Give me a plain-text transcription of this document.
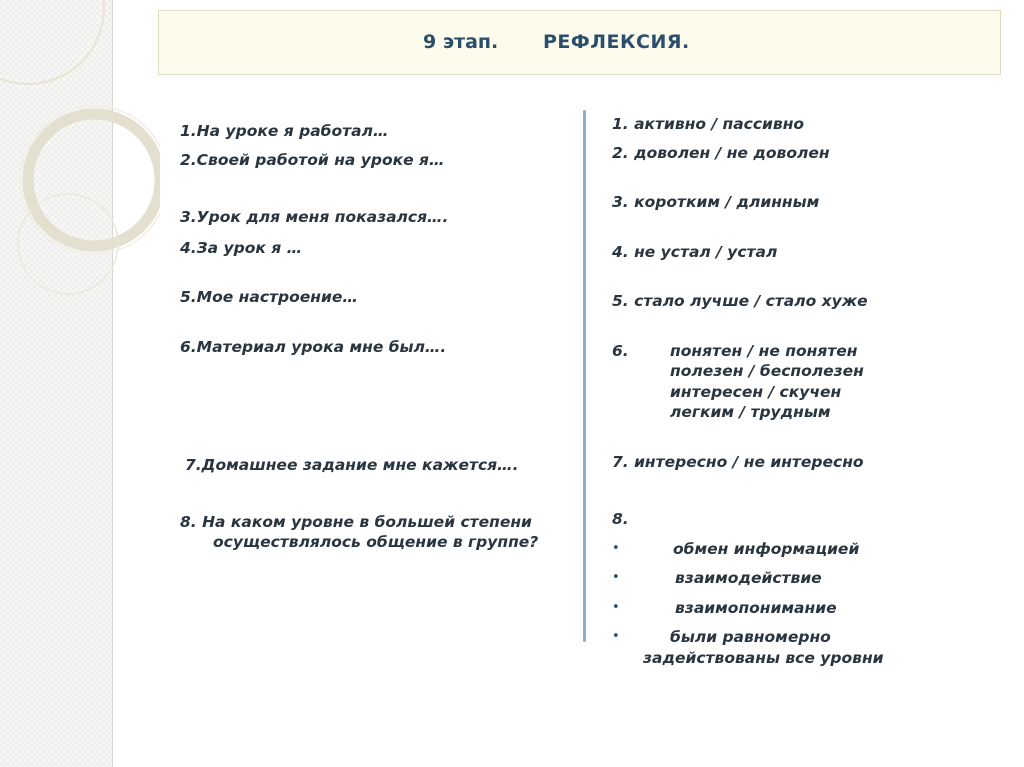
9 этап. РЕФЛЕКСИЯ.
1.На уроке я работал…
2.Своей работой на уроке я…
3.Урок для меня показался….
4.За урок я …
5.Мое настроение…
6.Материал урока мне был….
7.Домашнее задание мне кажется….
8. На каком уровне в большей степени
осуществлялось общение в группе?
1. активно / пассивно
2. доволен / не доволен
3. коротким / длинным
4. не устал / устал
5. стало лучше / стало хуже
6.	понятен / не понятен
полезен / бесполезен
интересен / скучен
легким / трудным
7. интересно / не интересно
8.
•	обмен информацией
•	взаимодействие
•	взаимопонимание
•	были равномерно
задействованы все уровни
